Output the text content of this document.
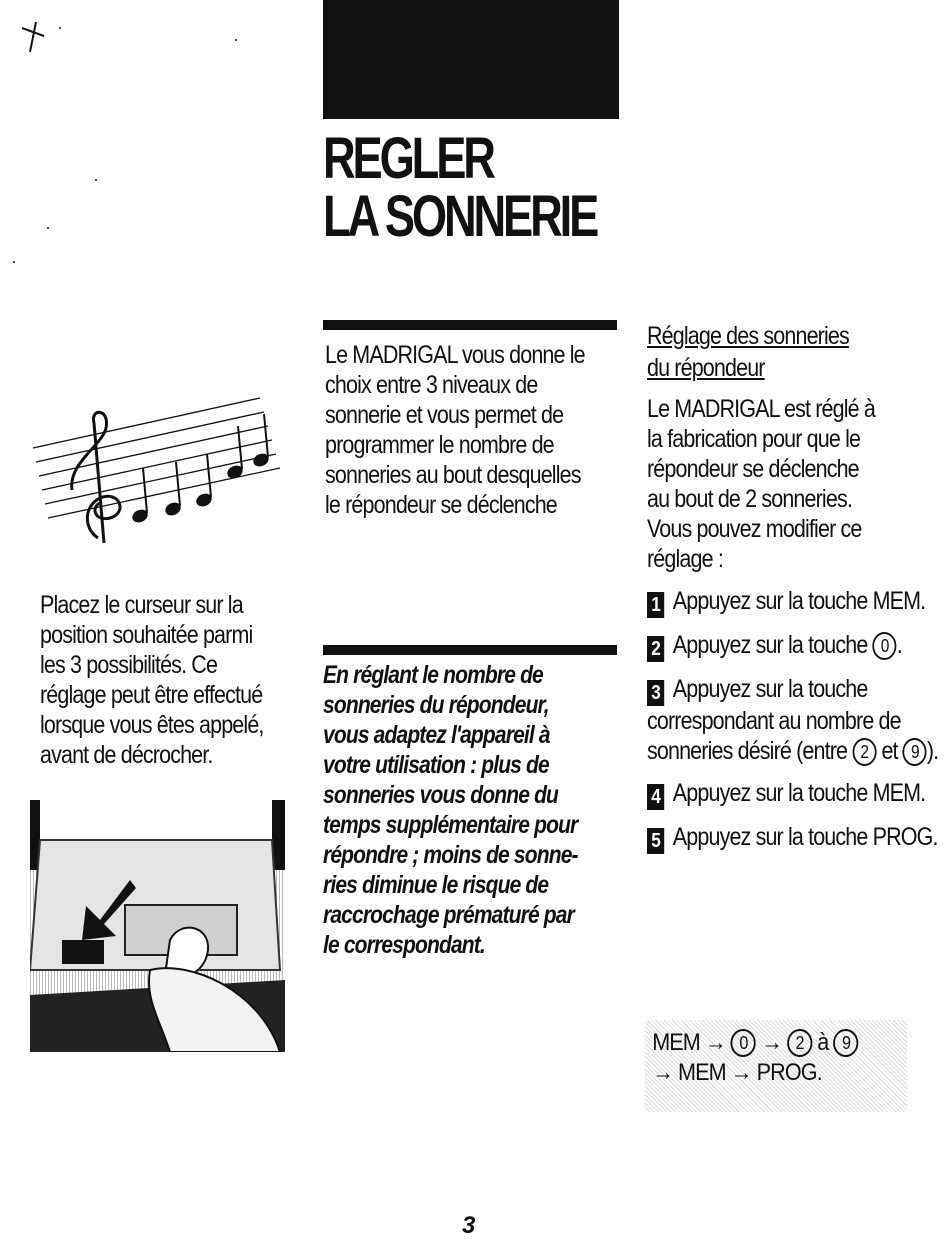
REGLER
LA SONNERIE
Le MADRIGAL vous donne le
choix entre 3 niveaux de
sonnerie et vous permet de
programmer le nombre de
sonneries au bout desquelles
le répondeur se déclenche
Placez le curseur sur la
position souhaitée parmi
les 3 possibilités. Ce
réglage peut être effectué
lorsque vous êtes appelé,
avant de décrocher.
En réglant le nombre de
sonneries du répondeur,
vous adaptez l'appareil à
votre utilisation : plus de
sonneries vous donne du
temps supplémentaire pour
répondre ; moins de sonne-
ries diminue le risque de
raccrochage prématuré par
le correspondant.
Réglage des sonneries
du répondeur
Le MADRIGAL est réglé à
la fabrication pour que le
répondeur se déclenche
au bout de 2 sonneries.
Vous pouvez modifier ce
réglage :
1 Appuyez sur la touche MEM.
2 Appuyez sur la touche 0 .
3 Appuyez sur la touche correspondant au nombre de sonneries désiré (entre 2 et 9 ).
4 Appuyez sur la touche MEM.
5 Appuyez sur la touche PROG.
MEM → 0 → 2 à 9
→ MEM → PROG.
3
